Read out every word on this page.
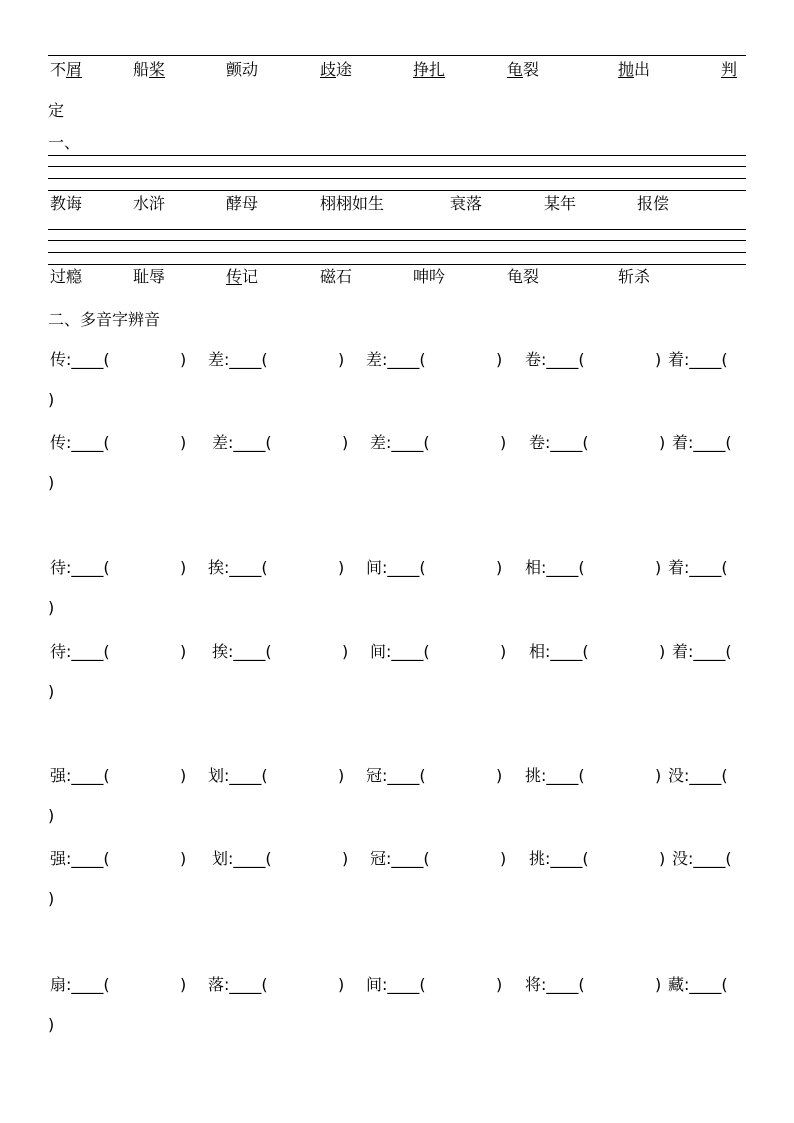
不屑	船桨	颤动	歧途	挣扎	龟裂	抛出	判
定
一、
教诲	水浒	酵母	栩栩如生	衰落	某年	报偿
过瘾	耻辱	传记	磁石	呻吟	龟裂	斩杀
二、多音字辨音
传:____(	) 差:____(	) 差:____(	) 卷:____(	) 着:____(
)
传:____(	) 差:____(	) 差:____(	) 卷:____(	) 着:____(
)
待:____(	) 挨:____(	) 间:____(	) 相:____(	) 着:____(
)
待:____(	) 挨:____(	) 间:____(	) 相:____(	) 着:____(
)
强:____(	) 划:____(	) 冠:____(	) 挑:____(	) 没:____(
)
强:____(	) 划:____(	) 冠:____(	) 挑:____(	) 没:____(
)
扇:____(	) 落:____(	) 间:____(	) 将:____(	) 藏:____(
)
